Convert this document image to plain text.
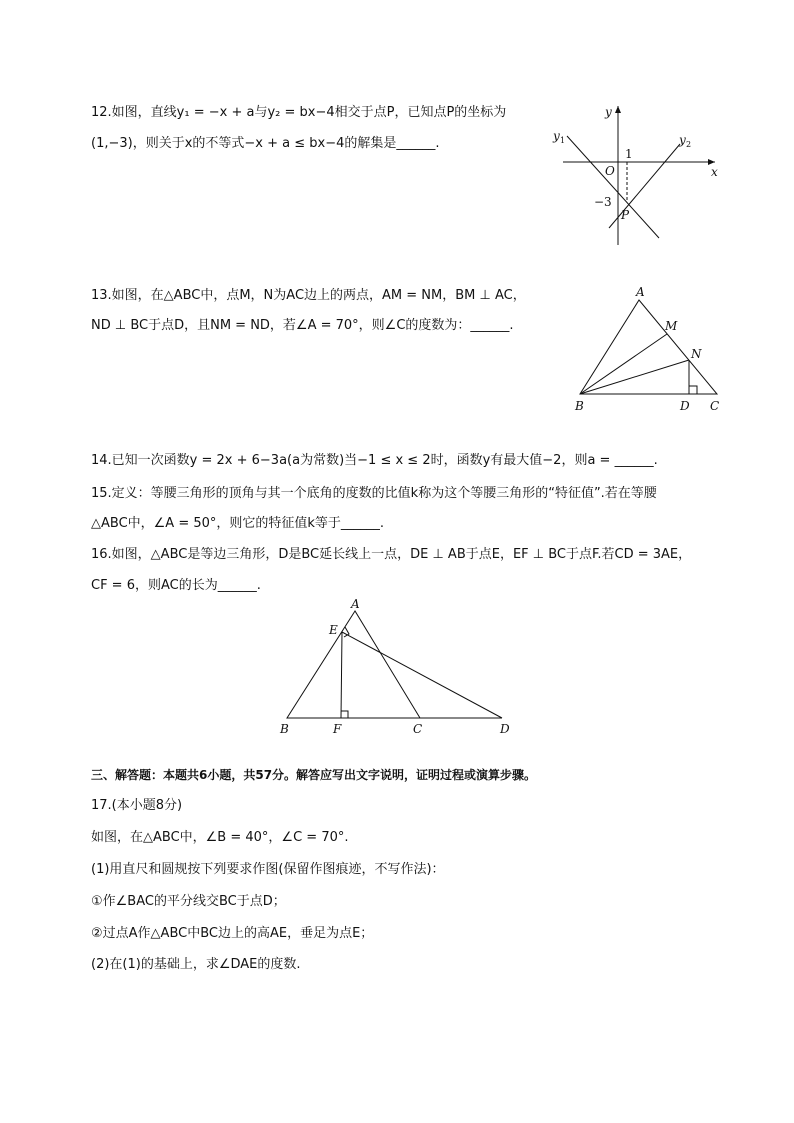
12.如图，直线y₁ = −x + a与y₂ = bx−4相交于点P，已知点P的坐标为
(1,−3)，则关于x的不等式−x + a ≤ bx−4的解集是______.
y
x
O
1
−3
P
y 1	y 2
13.如图，在△ABC中，点M，N为AC边上的两点，AM = NM，BM ⊥ AC，
ND ⊥ BC于点D，且NM = ND，若∠A = 70°，则∠C的度数为：______.
A
M
N
B	D C
14.已知一次函数y = 2x + 6−3a(a为常数)当−1 ≤ x ≤ 2时，函数y有最大值−2，则a = ______.
15.定义：等腰三角形的顶角与其一个底角的度数的比值k称为这个等腰三角形的“特征值”.若在等腰
△ABC中，∠A = 50°，则它的特征值k等于______.
16.如图，△ABC是等边三角形，D是BC延长线上一点，DE ⊥ AB于点E，EF ⊥ BC于点F.若CD = 3AE，
CF = 6，则AC的长为______.
A
E
B	F	C	D
三、解答题：本题共6小题，共57分。解答应写出文字说明，证明过程或演算步骤。
17.(本小题8分)
如图，在△ABC中，∠B = 40°，∠C = 70°.
(1)用直尺和圆规按下列要求作图(保留作图痕迹，不写作法)：
①作∠BAC的平分线交BC于点D；
②过点A作△ABC中BC边上的高AE，垂足为点E；
(2)在(1)的基础上，求∠DAE的度数.
